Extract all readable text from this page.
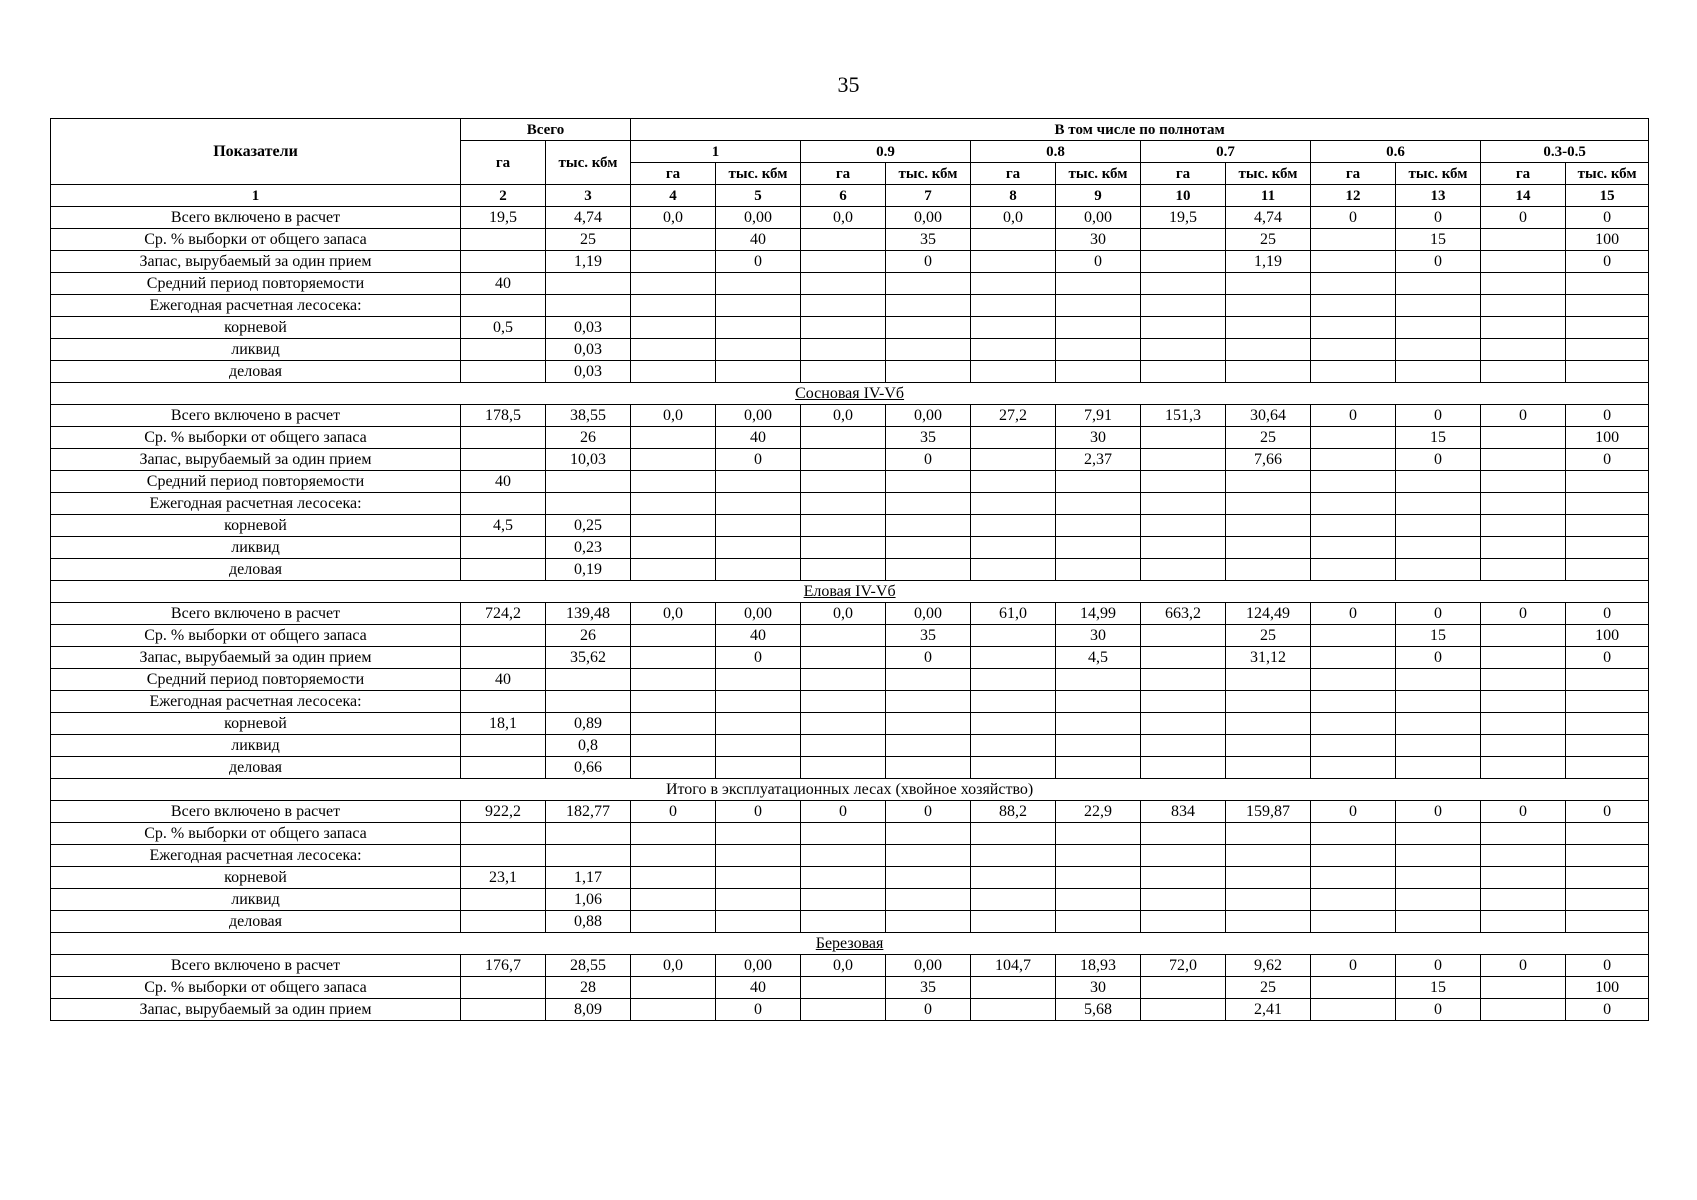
35
Показатели	Всего		В том числе по полнотам											
	га	тыс. кбм	1		0.9		0.8		0.7		0.6		0.3-0.5	
			га	тыс. кбм	га	тыс. кбм	га	тыс. кбм	га	тыс. кбм	га	тыс. кбм	га	тыс. кбм
1	2	3	4	5	6	7	8	9	10	11	12	13	14	15
Всего включено в расчет	19,5	4,74	0,0	0,00	0,0	0,00	0,0	0,00	19,5	4,74	0	0	0	0
Ср. % выборки от общего запаса		25		40		35		30		25		15		100
Запас, вырубаемый за один прием		1,19		0		0		0		1,19		0		0
Средний период повторяемости	40													
Ежегодная расчетная лесосека:														
корневой	0,5	0,03												
ликвид		0,03												
деловая		0,03												
Сосновая IV-Vб														
Всего включено в расчет	178,5	38,55	0,0	0,00	0,0	0,00	27,2	7,91	151,3	30,64	0	0	0	0
Ср. % выборки от общего запаса		26		40		35		30		25		15		100
Запас, вырубаемый за один прием		10,03		0		0		2,37		7,66		0		0
Средний период повторяемости	40													
Ежегодная расчетная лесосека:														
корневой	4,5	0,25												
ликвид		0,23												
деловая		0,19												
Еловая IV-Vб														
Всего включено в расчет	724,2	139,48	0,0	0,00	0,0	0,00	61,0	14,99	663,2	124,49	0	0	0	0
Ср. % выборки от общего запаса		26		40		35		30		25		15		100
Запас, вырубаемый за один прием		35,62		0		0		4,5		31,12		0		0
Средний период повторяемости	40													
Ежегодная расчетная лесосека:														
корневой	18,1	0,89												
ликвид		0,8												
деловая		0,66												
Итого в эксплуатационных лесах (хвойное хозяйство)														
Всего включено в расчет	922,2	182,77	0	0	0	0	88,2	22,9	834	159,87	0	0	0	0
Ср. % выборки от общего запаса														
Ежегодная расчетная лесосека:														
корневой	23,1	1,17												
ликвид		1,06												
деловая		0,88												
Березовая														
Всего включено в расчет	176,7	28,55	0,0	0,00	0,0	0,00	104,7	18,93	72,0	9,62	0	0	0	0
Ср. % выборки от общего запаса		28		40		35		30		25		15		100
Запас, вырубаемый за один прием		8,09		0		0		5,68		2,41		0		0
